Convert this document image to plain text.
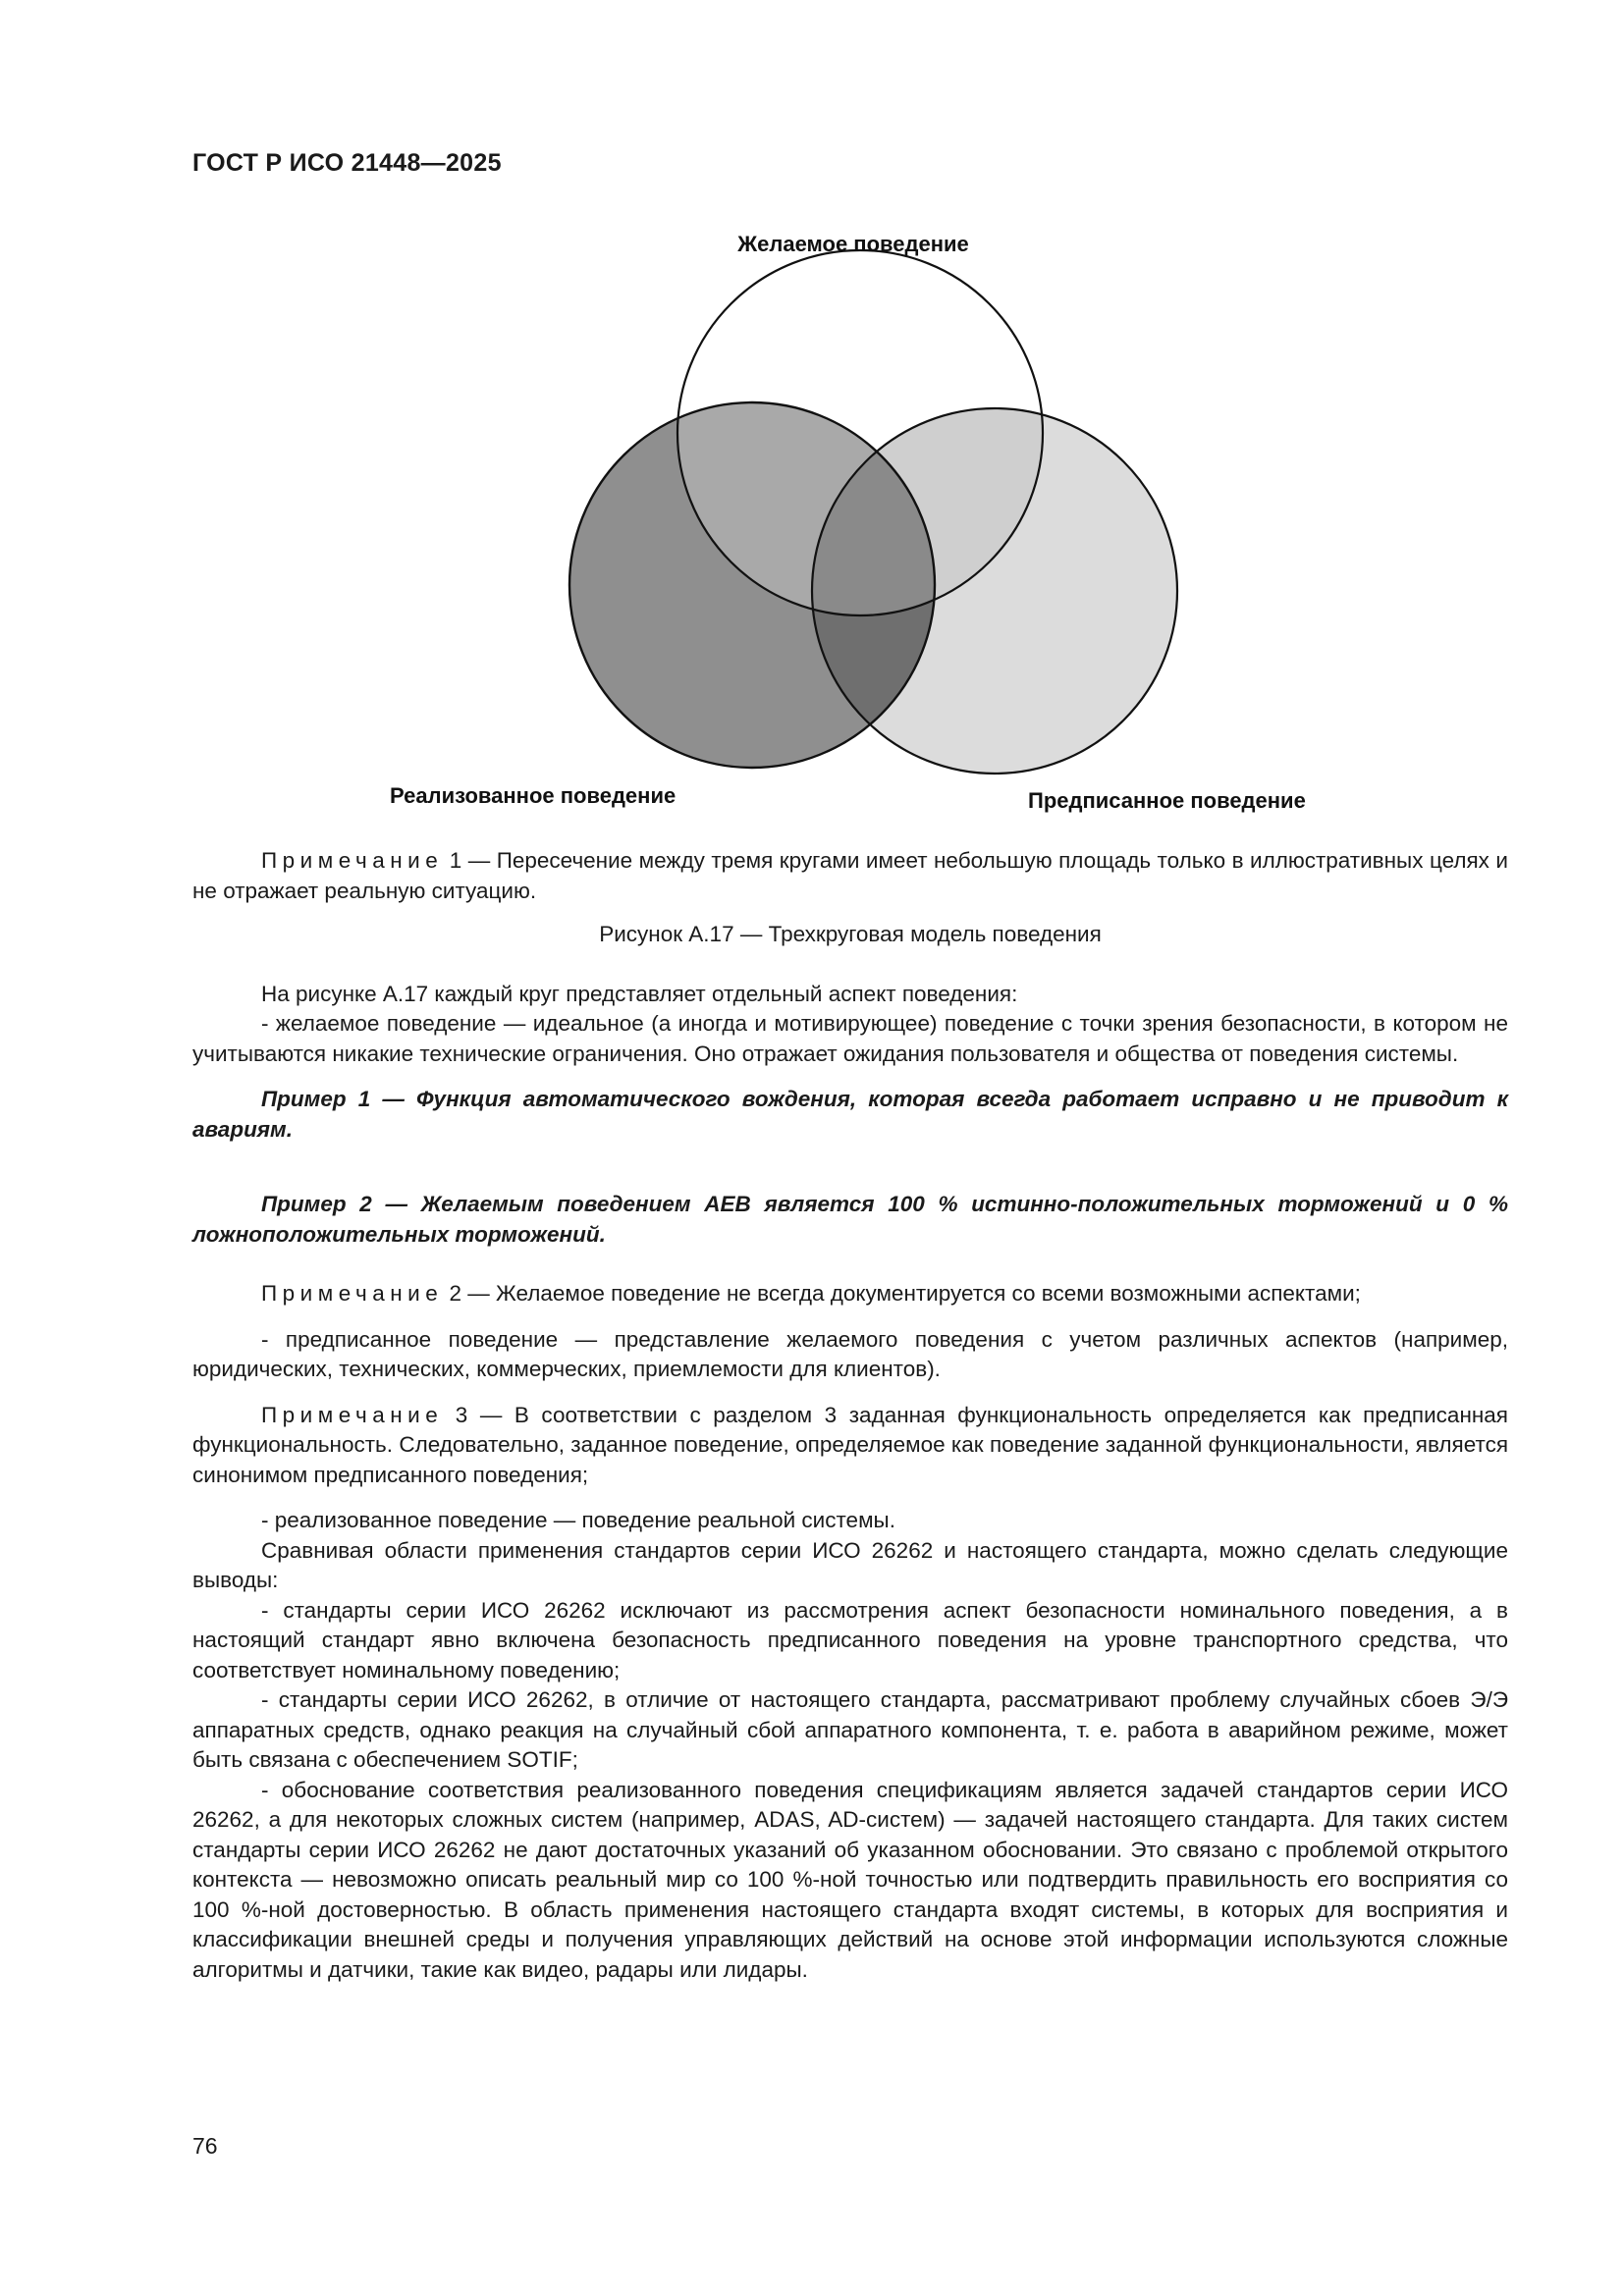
ГОСТ Р ИСО 21448—2025
Желаемое поведение
Реализованное поведение	Предписанное поведение

Примечание 1 — Пересечение между тремя кругами имеет небольшую площадь только в иллюстративных целях и не отражает реальную ситуацию.

Рисунок А.17 — Трехкруговая модель поведения

На рисунке А.17 каждый круг представляет отдельный аспект поведения:

- желаемое поведение — идеальное (а иногда и мотивирующее) поведение с точки зрения безопасности, в котором не учитываются никакие технические ограничения. Оно отражает ожидания пользователя и общества от поведения системы.

Пример 1 — Функция автоматического вождения, которая всегда работает исправно и не приводит к авариям.

Пример 2 — Желаемым поведением АЕВ является 100 % истинно-положительных торможений и 0 % ложноположительных торможений.

Примечание 2 — Желаемое поведение не всегда документируется со всеми возможными аспектами;

- предписанное поведение — представление желаемого поведения с учетом различных аспектов (например, юридических, технических, коммерческих, приемлемости для клиентов).

Примечание 3 — В соответствии с разделом 3 заданная функциональность определяется как предписанная функциональность. Следовательно, заданное поведение, определяемое как поведение заданной функциональности, является синонимом предписанного поведения;

- реализованное поведение — поведение реальной системы.

Сравнивая области применения стандартов серии ИСО 26262 и настоящего стандарта, можно сделать следующие выводы:

- стандарты серии ИСО 26262 исключают из рассмотрения аспект безопасности номинального поведения, а в настоящий стандарт явно включена безопасность предписанного поведения на уровне транспортного средства, что соответствует номинальному поведению;

- стандарты серии ИСО 26262, в отличие от настоящего стандарта, рассматривают проблему случайных сбоев Э/Э аппаратных средств, однако реакция на случайный сбой аппаратного компонента, т. е. работа в аварийном режиме, может быть связана с обеспечением SOTIF;

- обоснование соответствия реализованного поведения спецификациям является задачей стандартов серии ИСО 26262, а для некоторых сложных систем (например, ADAS, AD-систем) — задачей настоящего стандарта. Для таких систем стандарты серии ИСО 26262 не дают достаточных указаний об указанном обосновании. Это связано с проблемой открытого контекста — невозможно описать реальный мир со 100 %-ной точностью или подтвердить правильность его восприятия со 100 %-ной достоверностью. В область применения настоящего стандарта входят системы, в которых для восприятия и классификации внешней среды и получения управляющих действий на основе этой информации используются сложные алгоритмы и датчики, такие как видео, радары или лидары.

76
